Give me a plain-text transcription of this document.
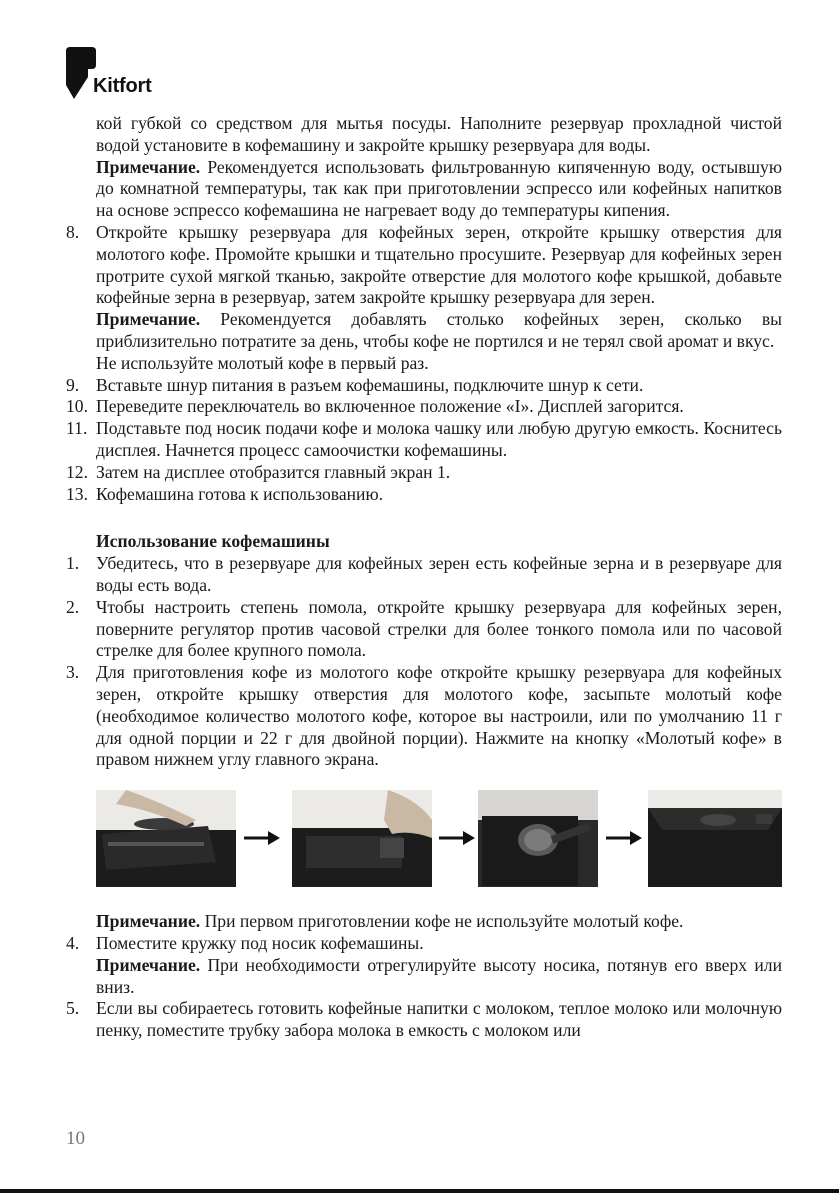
Kitfort

кой губкой со средством для мытья посуды. Наполните резервуар прохладной чистой водой установите в кофемашину и закройте крышку резервуара для воды.

Примечание. Рекомендуется использовать фильтрованную кипяченную воду, остывшую до комнатной температуры, так как при приготовлении эспрессо или кофейных напитков на основе эспрессо кофемашина не нагревает воду до температуры кипения.

8. Откройте крышку резервуара для кофейных зерен, откройте крышку отверстия для молотого кофе. Промойте крышки и тщательно просушите. Резервуар для кофейных зерен протрите сухой мягкой тканью, закройте отверстие для молотого кофе крышкой, добавьте кофейные зерна в резервуар, затем закройте крышку резервуара для зерен.

Примечание. Рекомендуется добавлять столько кофейных зерен, сколько вы приблизительно потратите за день, чтобы кофе не портился и не терял свой аромат и вкус.

Не используйте молотый кофе в первый раз.

9. Вставьте шнур питания в разъем кофемашины, подключите шнур к сети.
10. Переведите переключатель во включенное положение «I». Дисплей загорится.
11. Подставьте под носик подачи кофе и молока чашку или любую другую емкость. Коснитесь дисплея. Начнется процесс самоочистки кофемашины.
12. Затем на дисплее отобразится главный экран 1.
13. Кофемашина готова к использованию.
Использование кофемашины
1. Убедитесь, что в резервуаре для кофейных зерен есть кофейные зерна и в резервуаре для воды есть вода.
2. Чтобы настроить степень помола, откройте крышку резервуара для кофейных зерен, поверните регулятор против часовой стрелки для более тонкого помола или по часовой стрелке для более крупного помола.
3. Для приготовления кофе из молотого кофе откройте крышку резервуара для кофейных зерен, откройте крышку отверстия для молотого кофе, засыпьте молотый кофе (необходимое количество молотого кофе, которое вы настроили, или по умолчанию 11 г для одной порции и 22 г для двойной порции). Нажмите на кнопку «Молотый кофе» в правом нижнем углу главного экрана.

Примечание. При первом приготовлении кофе не используйте молотый кофе.

4. Поместите кружку под носик кофемашины.

Примечание. При необходимости отрегулируйте высоту носика, потянув его вверх или вниз.

5. Если вы собираетесь готовить кофейные напитки с молоком, теплое молоко или молочную пенку, поместите трубку забора молока в емкость с молоком или
10
